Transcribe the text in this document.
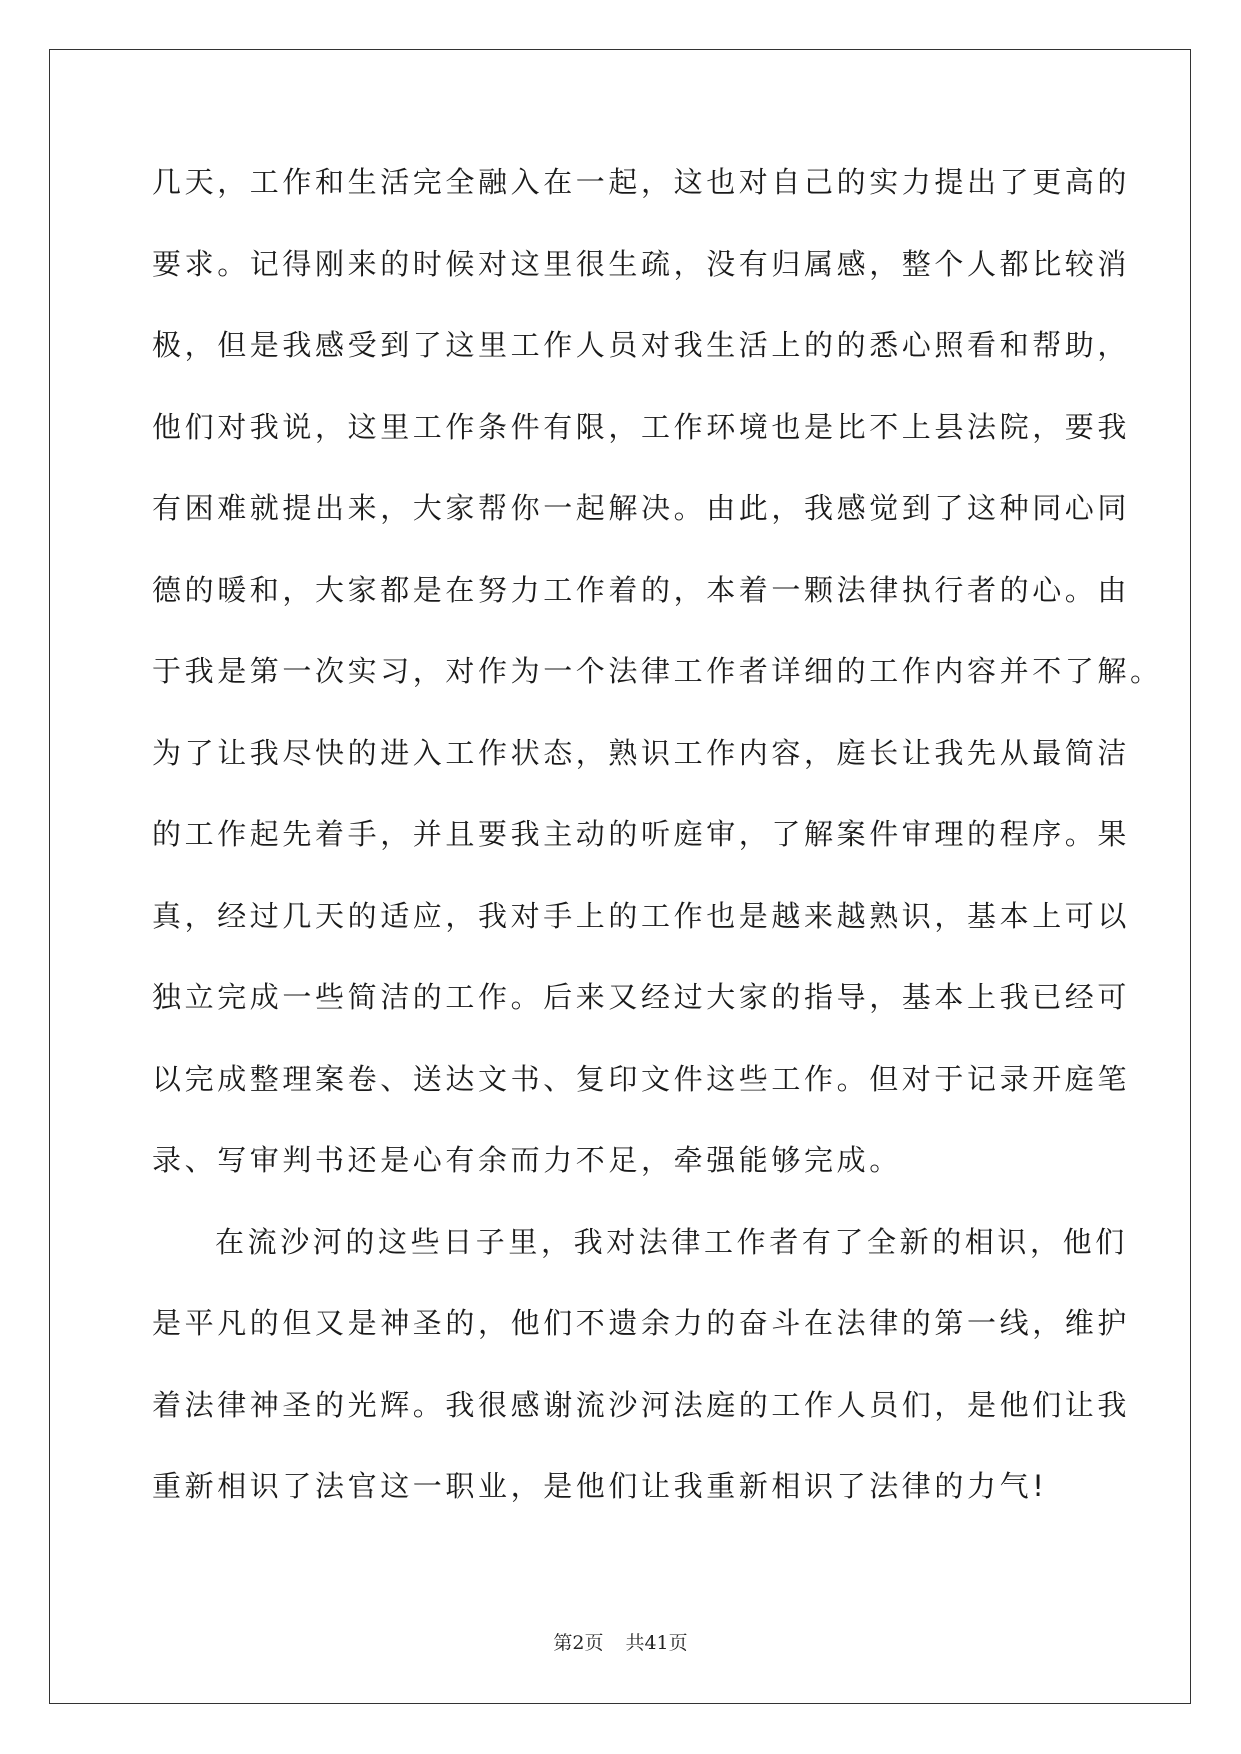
几天，工作和生活完全融入在一起，这也对自己的实力提出了更高的
要求。记得刚来的时候对这里很生疏，没有归属感，整个人都比较消
极，但是我感受到了这里工作人员对我生活上的的悉心照看和帮助，
他们对我说，这里工作条件有限，工作环境也是比不上县法院，要我
有困难就提出来，大家帮你一起解决。由此，我感觉到了这种同心同
德的暖和，大家都是在努力工作着的，本着一颗法律执行者的心。由
于我是第一次实习，对作为一个法律工作者详细的工作内容并不了解。
为了让我尽快的进入工作状态，熟识工作内容，庭长让我先从最简洁
的工作起先着手，并且要我主动的听庭审，了解案件审理的程序。果
真，经过几天的适应，我对手上的工作也是越来越熟识，基本上可以
独立完成一些简洁的工作。后来又经过大家的指导，基本上我已经可
以完成整理案卷、送达文书、复印文件这些工作。但对于记录开庭笔
录、写审判书还是心有余而力不足，牵强能够完成。
在流沙河的这些日子里，我对法律工作者有了全新的相识，他们
是平凡的但又是神圣的，他们不遗余力的奋斗在法律的第一线，维护
着法律神圣的光辉。我很感谢流沙河法庭的工作人员们，是他们让我
重新相识了法官这一职业，是他们让我重新相识了法律的力气!
第2页 共41页
